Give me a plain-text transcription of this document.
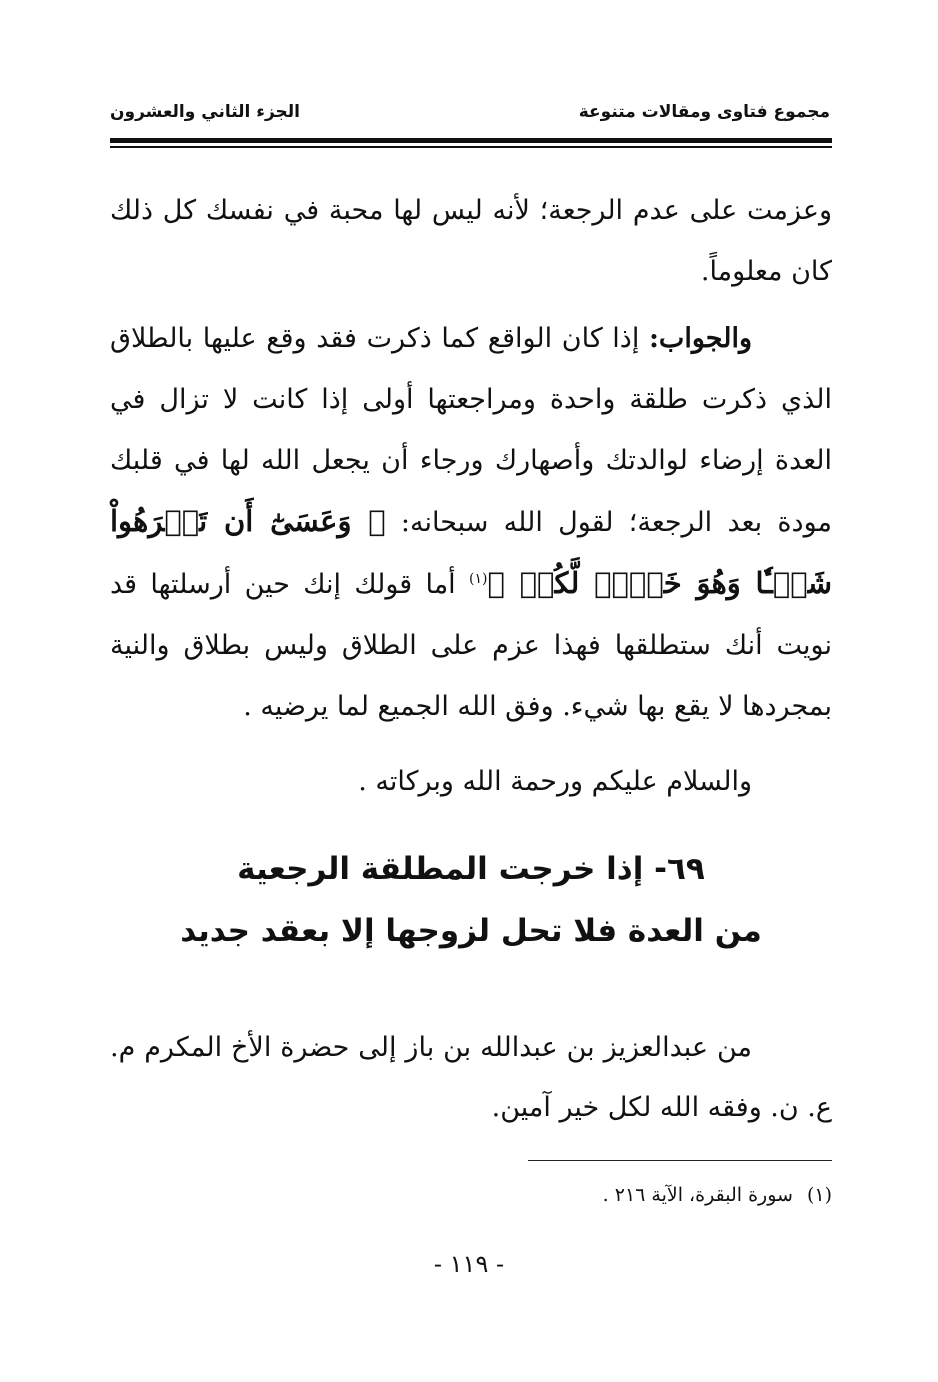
مجموع فتاوى ومقالات متنوعة
الجزء الثاني والعشرون

وعزمت على عدم الرجعة؛ لأنه ليس لها محبة في نفسك كل ذلك كان معلوماً.

والجواب: إذا كان الواقع كما ذكرت فقد وقع عليها بالطلاق الذي ذكرت طلقة واحدة ومراجعتها أولى إذا كانت لا تزال في العدة إرضاء لوالدتك وأصهارك ورجاء أن يجعل الله لها في قلبك مودة بعد الرجعة؛ لقول الله سبحانه: ﴿ وَعَسَىٰٓ أَن تَكۡرَهُواْ شَيۡـٔٗا وَهُوَ خَيۡرٞ لَّكُمۡ ﴾$^{(١)}$ أما قولك إنك حين أرسلتها قد نويت أنك ستطلقها فهذا عزم على الطلاق وليس بطلاق والنية بمجردها لا يقع بها شيء. وفق الله الجميع لما يرضيه .

والسلام عليكم ورحمة الله وبركاته .

٦٩- إذا خرجت المطلقة الرجعية
من العدة فلا تحل لزوجها إلا بعقد جديد

من عبدالعزيز بن عبدالله بن باز إلى حضرة الأخ المكرم م. ع. ن. وفقه الله لكل خير آمين.

(١)سورة البقرة، الآية ٢١٦ .
- ١١٩ -
